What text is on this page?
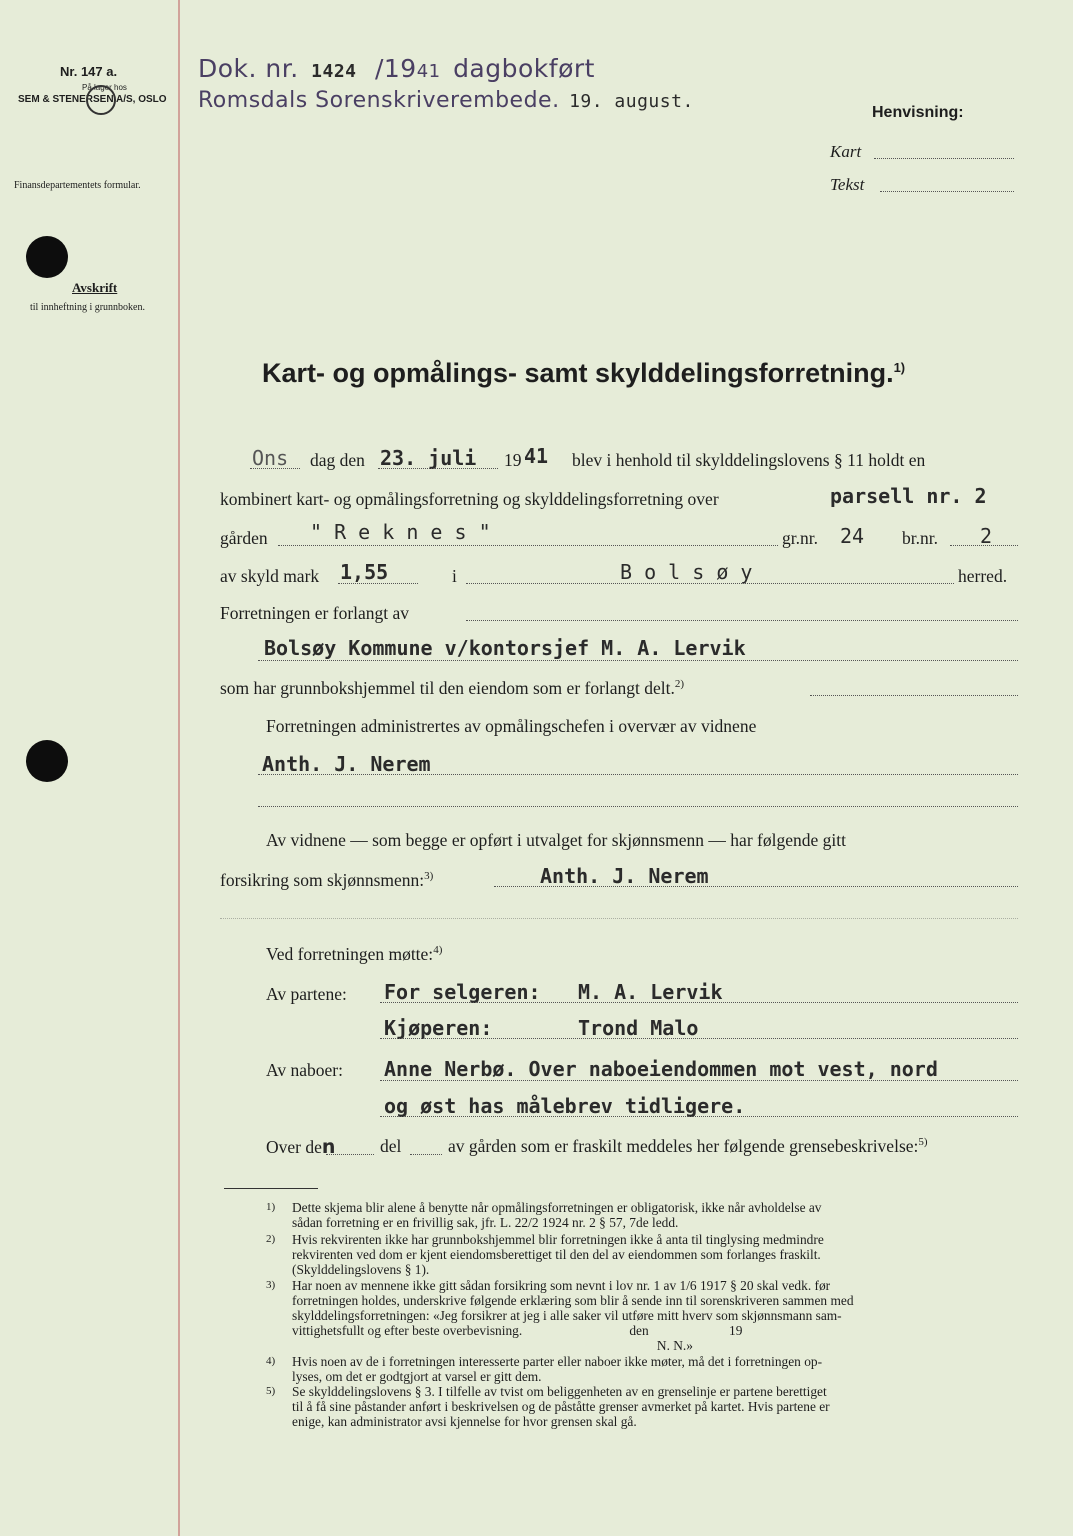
Nr. 147 a.
På lager hos
SEM & STENERSEN A/S, OSLO
Finansdepartementets formular.
Avskrift
til innheftning i grunnboken.
Dok. nr. 1424 /1941 dagbokført
Romsdals Sorenskriverembede. 19. august.
Henvisning:
Kart
Tekst
Kart- og opmålings- samt skylddelingsforretning.$^{1)}$
Ons dag den 23. juli 19 41 blev i henhold til skylddelingslovens § 11 holdt en
kombinert kart- og opmålingsforretning og skylddelingsforretning over	parsell nr. 2
gården " R e k n e s "	gr.nr. 24 br.nr. 2
av skyld mark 1,55	i	B o l s ø y	herred.
Forretningen er forlangt av
Bolsøy Kommune v/kontorsjef M. A. Lervik
som har grunnbokshjemmel til den eiendom som er forlangt delt.$^{2)}$
Forretningen administrertes av opmålingschefen i overvær av vidnene
Anth. J. Nerem
Av vidnene — som begge er opført i utvalget for skjønnsmenn — har følgende gitt
forsikring som skjønnsmenn:$^{3)}$	Anth. J. Nerem
Ved forretningen møtte:$^{4)}$
Av partene: For selgeren: M. A. Lervik
Kjøperen:	Trond Malo
Av naboer: Anne Nerbø. Over naboeiendommen mot vest, nord
og øst has målebrev tidligere.
Over den	del	av gården som er fraskilt meddeles her følgende grensebeskrivelse:$^{5)}$
1) Dette skjema blir alene å benytte når opmålingsforretningen er obligatorisk, ikke når avholdelse av
sådan forretning er en frivillig sak, jfr. L. 22/2 1924 nr. 2 § 57, 7de ledd.
2) Hvis rekvirenten ikke har grunnbokshjemmel blir forretningen ikke å anta til tinglysing medmindre
rekvirenten ved dom er kjent eiendomsberettiget til den del av eiendommen som forlanges fraskilt.
(Skylddelingslovens § 1).
3) Har noen av mennene ikke gitt sådan forsikring som nevnt i lov nr. 1 av 1/6 1917 § 20 skal vedk. før
forretningen holdes, underskrive følgende erklæring som blir å sende inn til sorenskriveren sammen med
skylddelingsforretningen: «Jeg forsikrer at jeg i alle saker vil utføre mitt hverv som skjønnsmann sam-
vittighetsfullt og efter beste overbevisning.                                den                        19
N. N.»
4) Hvis noen av de i forretningen interesserte parter eller naboer ikke møter, må det i forretningen op-
lyses, om det er godtgjort at varsel er gitt dem.
5) Se skylddelingslovens § 3. I tilfelle av tvist om beliggenheten av en grenselinje er partene berettiget
til å få sine påstander anført i beskrivelsen og de påståtte grenser avmerket på kartet. Hvis partene er
enige, kan administrator avsi kjennelse for hvor grensen skal gå.
